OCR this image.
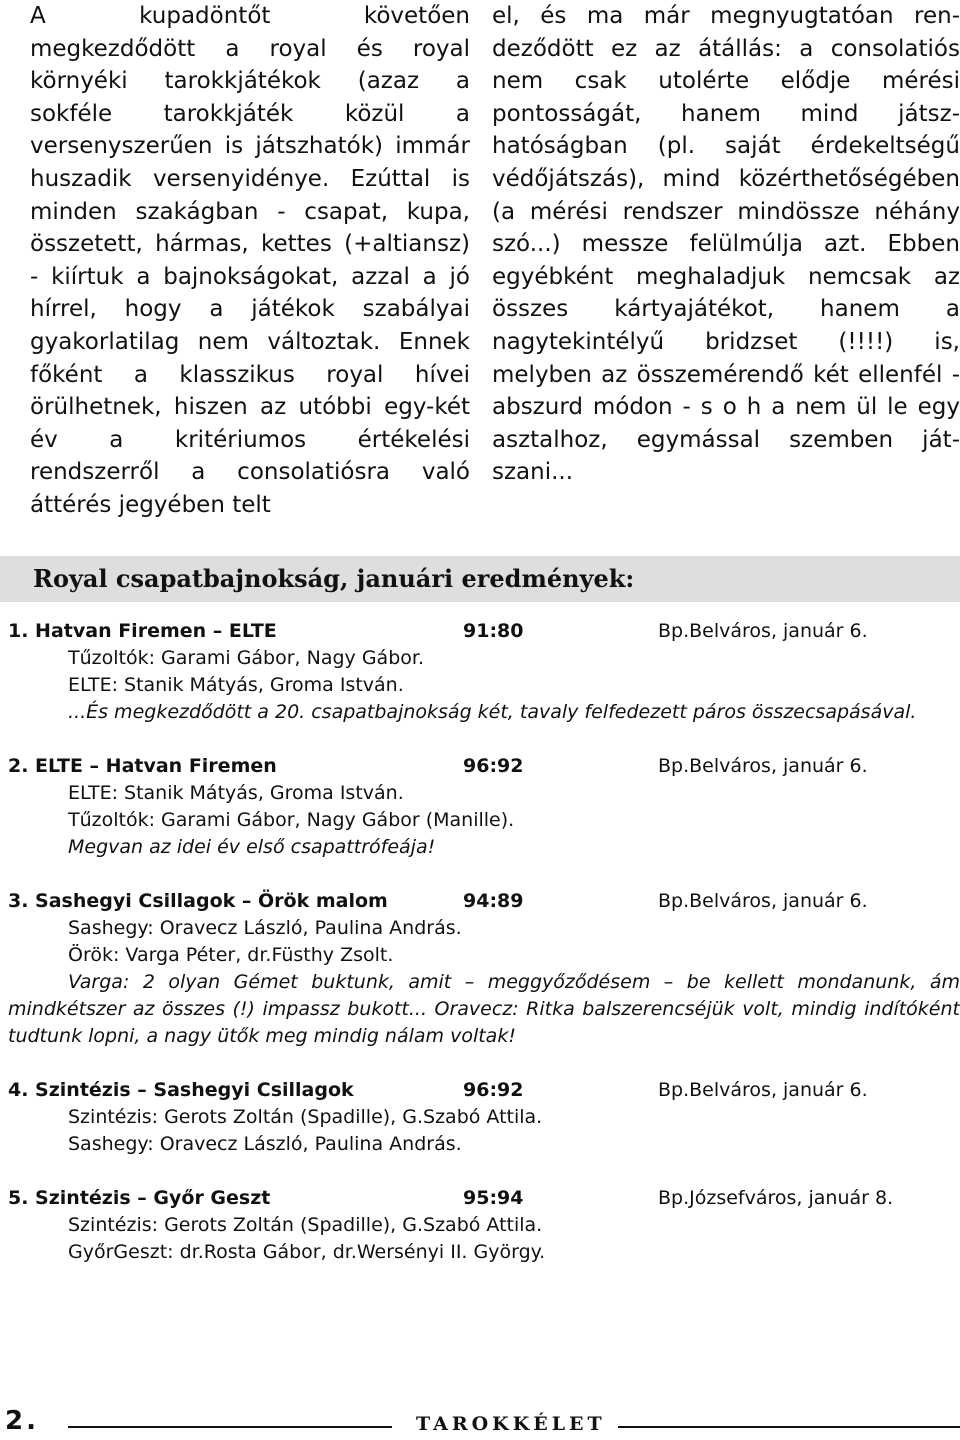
A kupadöntőt követően megkezdődött a royal és royal környéki tarokkjátékok (azaz a sokféle tarokkjáték közül a versenyszerűen is játszhatók) immár huszadik versenyidénye. Ezúttal is minden szakágban - csapat, kupa, összetett, hármas, kettes (+altiansz) - kiírtuk a bajnokságokat, azzal a jó hírrel, hogy a játékok szabályai gyakorlatilag nem változtak. Ennek főként a klasszikus royal hívei örülhetnek, hiszen az utóbbi egy-két év a kritériumos értékelési rendszerről a consolatiósra való áttérés jegyében telt

el, és ma már megnyugtatóan rendeződött ez az átállás: a consolatiós nem csak utolérte elődje mérési pontosságát, hanem mind játszhatóságban (pl. saját érdekeltségű védőjátszás), mind közérthetőségében (a mérési rendszer mindössze néhány szó...) messze felülmúlja azt. Ebben egyébként meghaladjuk nemcsak az összes kártyajátékot, hanem a nagytekintélyű bridzset (!!!!) is, melyben az összemérendő két ellenfél - abszurd módon - s o h a nem ül le egy asztalhoz, egymással szemben játszani...

Royal csapatbajnokság, januári eredmények:
1. Hatvan Firemen – ELTE	91:80	Bp.Belváros, január 6.
Tűzoltók: Garami Gábor, Nagy Gábor.
ELTE: Stanik Mátyás, Groma István.

...És megkezdődött a 20. csapatbajnokság két, tavaly felfedezett páros összecsapásával.

2. ELTE – Hatvan Firemen	96:92	Bp.Belváros, január 6.
ELTE: Stanik Mátyás, Groma István.
Tűzoltók: Garami Gábor, Nagy Gábor (Manille).

Megvan az idei év első csapattrófeája!

3. Sashegyi Csillagok – Örök malom	94:89	Bp.Belváros, január 6.
Sashegy: Oravecz László, Paulina András.
Örök: Varga Péter, dr.Füsthy Zsolt.

Varga: 2 olyan Gémet buktunk, amit – meggyőződésem – be kellett mondanunk, ám mindkétszer az összes (!) impassz bukott... Oravecz: Ritka balszerencséjük volt, mindig indítóként tudtunk lopni, a nagy ütők meg mindig nálam voltak!

4. Szintézis – Sashegyi Csillagok	96:92	Bp.Belváros, január 6.
Szintézis: Gerots Zoltán (Spadille), G.Szabó Attila.
Sashegy: Oravecz László, Paulina András.
5. Szintézis – Győr Geszt	95:94	Bp.Józsefváros, január 8.
Szintézis: Gerots Zoltán (Spadille), G.Szabó Attila.
GyőrGeszt: dr.Rosta Gábor, dr.Wersényi II. György.
2.	TAROKKÉLET
